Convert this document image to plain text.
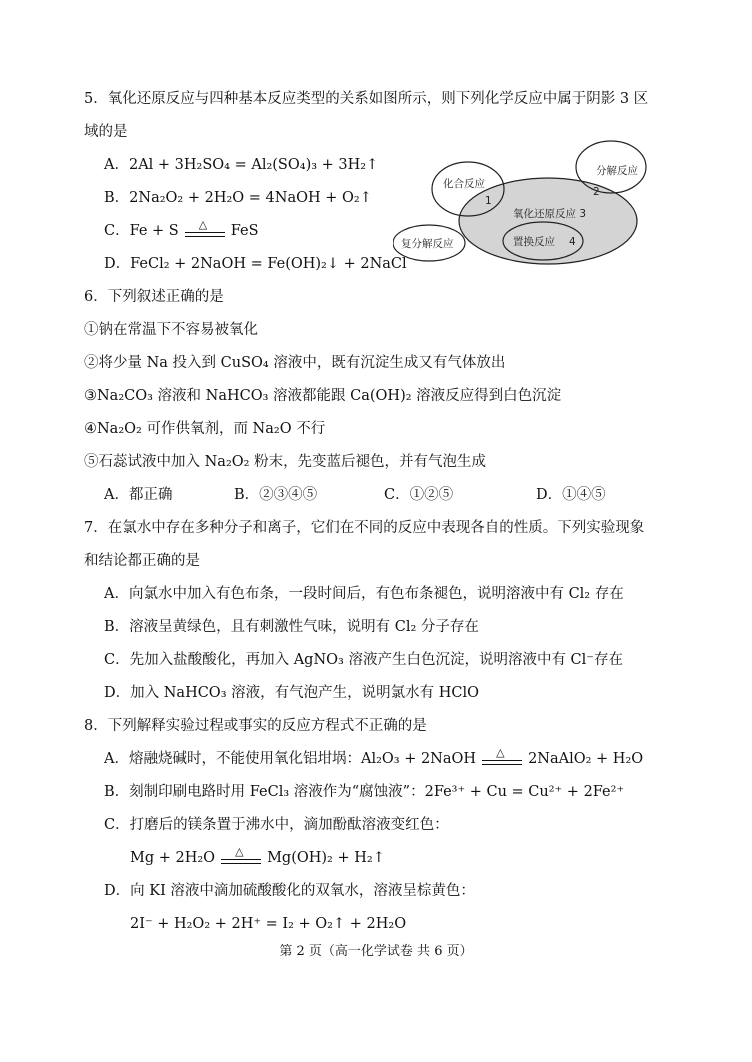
5．氧化还原反应与四种基本反应类型的关系如图所示，则下列化学反应中属于阴影 3 区
域的是
A．2Al + 3H₂SO₄ = Al₂(SO₄)₃ + 3H₂↑
B．2Na₂O₂ + 2H₂O = 4NaOH + O₂↑
C．Fe + S △ FeS
D．FeCl₂ + 2NaOH = Fe(OH)₂↓ + 2NaCl
化合反应
1
分解反应
2
氧化还原反应 3
复分解反应	置换反应 4
6．下列叙述正确的是
①钠在常温下不容易被氧化
②将少量 Na 投入到 CuSO₄ 溶液中，既有沉淀生成又有气体放出
③Na₂CO₃ 溶液和 NaHCO₃ 溶液都能跟 Ca(OH)₂ 溶液反应得到白色沉淀
④Na₂O₂ 可作供氧剂，而 Na₂O 不行
⑤石蕊试液中加入 Na₂O₂ 粉末，先变蓝后褪色，并有气泡生成
A．都正确	B．②③④⑤	C．①②⑤	D．①④⑤
7．在氯水中存在多种分子和离子，它们在不同的反应中表现各自的性质。下列实验现象
和结论都正确的是
A．向氯水中加入有色布条，一段时间后，有色布条褪色，说明溶液中有 Cl₂ 存在
B．溶液呈黄绿色，且有刺激性气味，说明有 Cl₂ 分子存在
C．先加入盐酸酸化，再加入 AgNO₃ 溶液产生白色沉淀，说明溶液中有 Cl⁻存在
D．加入 NaHCO₃ 溶液，有气泡产生，说明氯水有 HClO
8．下列解释实验过程或事实的反应方程式不正确的是
A．熔融烧碱时，不能使用氧化铝坩埚：Al₂O₃ + 2NaOH △ 2NaAlO₂ + H₂O
B．刻制印刷电路时用 FeCl₃ 溶液作为“腐蚀液”：2Fe³⁺ + Cu = Cu²⁺ + 2Fe²⁺
C．打磨后的镁条置于沸水中，滴加酚酞溶液变红色：
Mg + 2H₂O △ Mg(OH)₂ + H₂↑
D．向 KI 溶液中滴加硫酸酸化的双氧水，溶液呈棕黄色：
2I⁻ + H₂O₂ + 2H⁺ = I₂ + O₂↑ + 2H₂O
第 2 页（高一化学试卷 共 6 页）
